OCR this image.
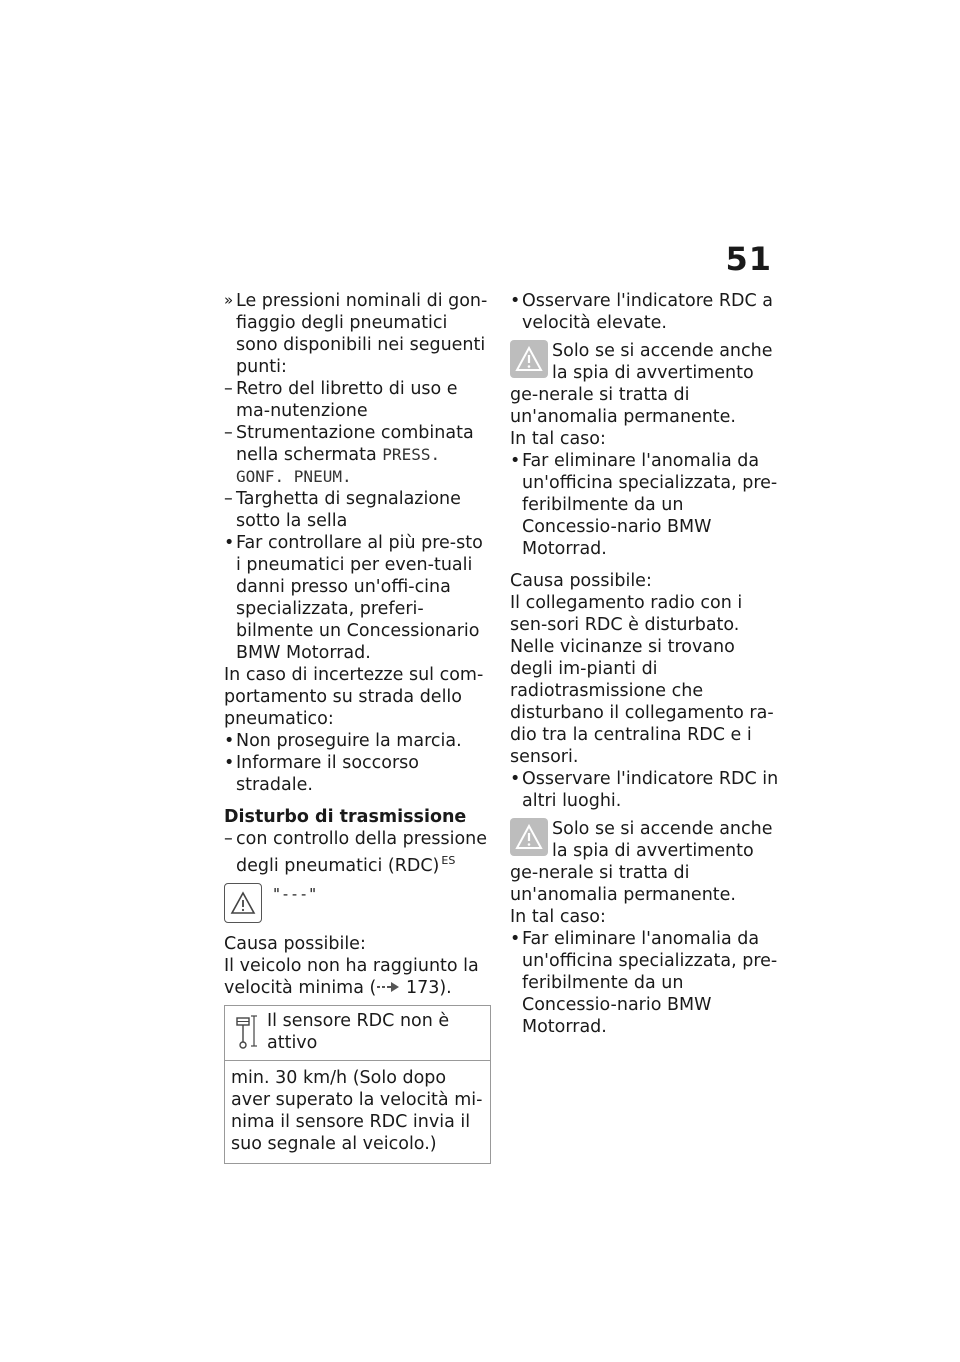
51
» Le pressioni nominali di gon-fiaggio degli pneumatici sono disponibili nei seguenti punti:
– Retro del libretto di uso e ma-nutenzione
– Strumentazione combinata nella schermata PRESS. GONF. PNEUM.
– Targhetta di segnalazione sotto la sella
• Far controllare al più pre-sto i pneumatici per even-tuali danni presso un'offi-cina specializzata, preferi-bilmente un Concessionario BMW Motorrad.

In caso di incertezze sul com-portamento su strada dello pneumatico:

• Non proseguire la marcia.
• Informare il soccorso stradale.
Disturbo di trasmissione
– con controllo della pressione degli pneumatici (RDC) $^{ES}$
"---"

Causa possibile:

Il veicolo non ha raggiunto la velocità minima ( 173).

Il sensore RDC non è attivo
min. 30 km/h (Solo dopo aver superato la velocità mi-nima il sensore RDC invia il suo segnale al veicolo.)
• Osservare l'indicatore RDC a velocità elevate.
Solo se si accende anche la spia di avvertimento ge-nerale si tratta di un'anomalia permanente.

In tal caso:

• Far eliminare l'anomalia da un'officina specializzata, pre-feribilmente da un Concessio-nario BMW Motorrad.

Causa possibile:

Il collegamento radio con i sen-sori RDC è disturbato. Nelle vicinanze si trovano degli im-pianti di radiotrasmissione che disturbano il collegamento ra-dio tra la centralina RDC e i sensori.

• Osservare l'indicatore RDC in altri luoghi.
Solo se si accende anche la spia di avvertimento ge-nerale si tratta di un'anomalia permanente.

In tal caso:

• Far eliminare l'anomalia da un'officina specializzata, pre-feribilmente da un Concessio-nario BMW Motorrad.
